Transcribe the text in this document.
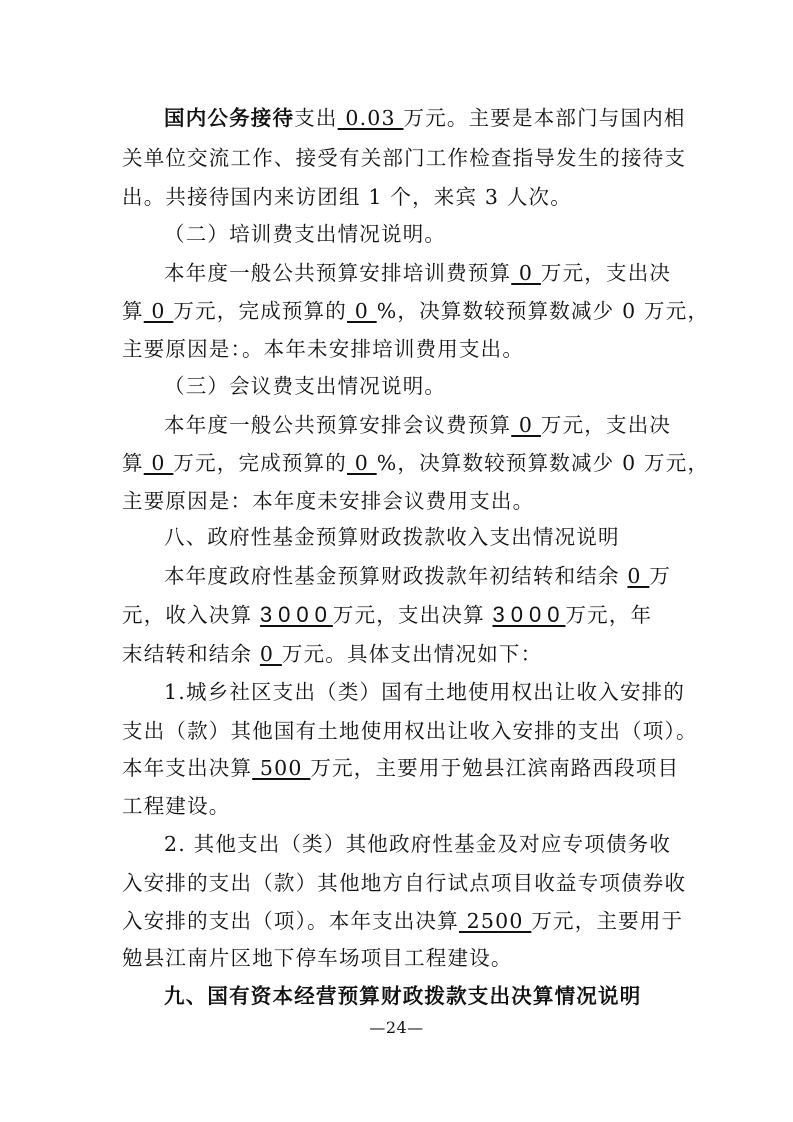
国内公务接待支出 0.03 万元。主要是本部门与国内相
关单位交流工作、接受有关部门工作检查指导发生的接待支
出。共接待国内来访团组 1 个，来宾 3 人次。
（二）培训费支出情况说明。
本年度一般公共预算安排培训费预算 0 万元，支出决
算 0 万元，完成预算的 0 %，决算数较预算数减少 0 万元，
主要原因是：。本年未安排培训费用支出。
（三）会议费支出情况说明。
本年度一般公共预算安排会议费预算 0 万元，支出决
算 0 万元，完成预算的 0 %，决算数较预算数减少 0 万元，
主要原因是：本年度未安排会议费用支出。
八、政府性基金预算财政拨款收入支出情况说明
本年度政府性基金预算财政拨款年初结转和结余 0 万
元，收入决算 3000万元，支出决算 3000万元，年
末结转和结余 0 万元。具体支出情况如下：
1.城乡社区支出（类）国有土地使用权出让收入安排的
支出（款）其他国有土地使用权出让收入安排的支出（项）。
本年支出决算 500 万元，主要用于勉县江滨南路西段项目
工程建设。
2. 其他支出（类）其他政府性基金及对应专项债务收
入安排的支出（款）其他地方自行试点项目收益专项债券收
入安排的支出（项）。本年支出决算 2500 万元，主要用于
勉县江南片区地下停车场项目工程建设。
九、国有资本经营预算财政拨款支出决算情况说明
—24—
